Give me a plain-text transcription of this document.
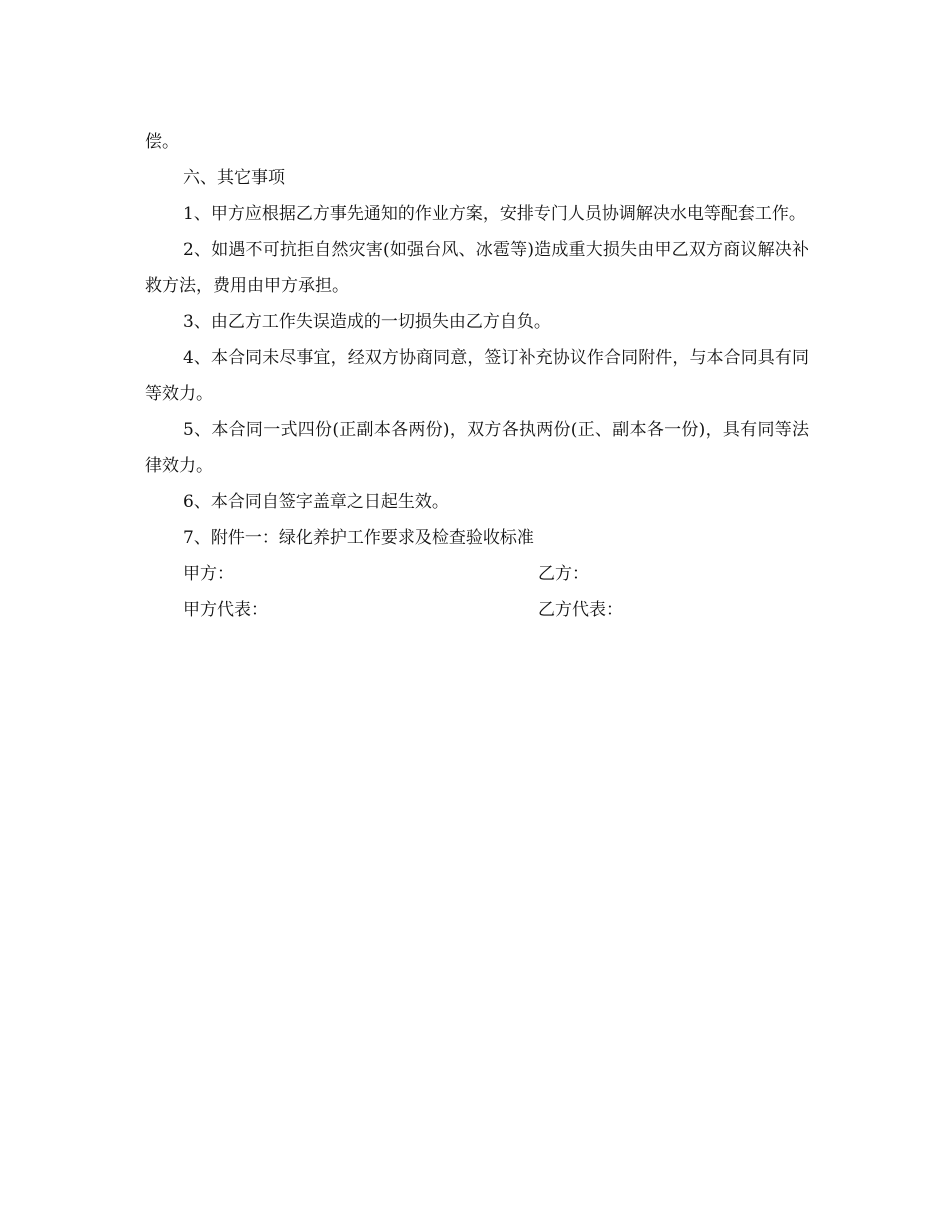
偿。

六、其它事项

1、甲方应根据乙方事先通知的作业方案，安排专门人员协调解决水电等配套工作。

2、如遇不可抗拒自然灾害(如强台风、冰雹等)造成重大损失由甲乙双方商议解决补救方法，费用由甲方承担。

3、由乙方工作失误造成的一切损失由乙方自负。

4、本合同未尽事宜，经双方协商同意，签订补充协议作合同附件，与本合同具有同等效力。

5、本合同一式四份(正副本各两份)，双方各执两份(正、副本各一份)，具有同等法律效力。

6、本合同自签字盖章之日起生效。

7、附件一：绿化养护工作要求及检查验收标准

甲方：	乙方：
甲方代表：	乙方代表：
